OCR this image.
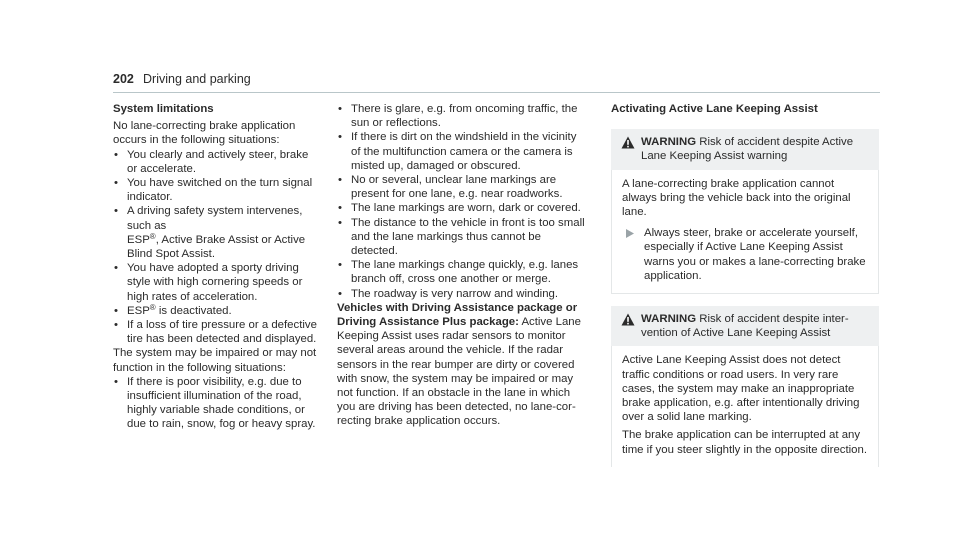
202 Driving and parking
System limitations

No lane-correcting brake application occurs in the following situations:

• You clearly and actively steer, brake or accelerate.
• You have switched on the turn signal indicator.
• A driving safety system intervenes, such as
ESP®, Active Brake Assist or Active Blind Spot Assist.
• You have adopted a sporty driving style with high cornering speeds or high rates of acceleration.
• ESP® is deactivated.
• If a loss of tire pressure or a defective tire has been detected and displayed.

The system may be impaired or may not function in the following situations:

• If there is poor visibility, e.g. due to insufficient illumination of the road, highly variable shade conditions, or due to rain, snow, fog or heavy spray.
• There is glare, e.g. from oncoming traffic, the sun or reflections.
• If there is dirt on the windshield in the vicinity of the multifunction camera or the camera is misted up, damaged or obscured.
• No or several, unclear lane markings are present for one lane, e.g. near roadworks.
• The lane markings are worn, dark or covered.
• The distance to the vehicle in front is too small and the lane markings thus cannot be detected.
• The lane markings change quickly, e.g. lanes branch off, cross one another or merge.
• The roadway is very narrow and winding.

Vehicles with Driving Assistance package or Driving Assistance Plus package: Active Lane Keeping Assist uses radar sensors to monitor several areas around the vehicle. If the radar sensors in the rear bumper are dirty or covered with snow, the system may be impaired or may not function. If an obstacle in the lane in which you are driving has been detected, no lane-correcting brake application occurs.

Activating Active Lane Keeping Assist
WARNING Risk of accident despite Active Lane Keeping Assist warning

A lane-correcting brake application cannot always bring the vehicle back into the original lane.

Always steer, brake or accelerate yourself, especially if Active Lane Keeping Assist warns you or makes a lane-correcting brake application.

WARNING Risk of accident despite intervention of Active Lane Keeping Assist

Active Lane Keeping Assist does not detect traffic conditions or road users. In very rare cases, the system may make an inappropriate brake application, e.g. after intentionally driving over a solid lane marking.

The brake application can be interrupted at any time if you steer slightly in the opposite direction.
